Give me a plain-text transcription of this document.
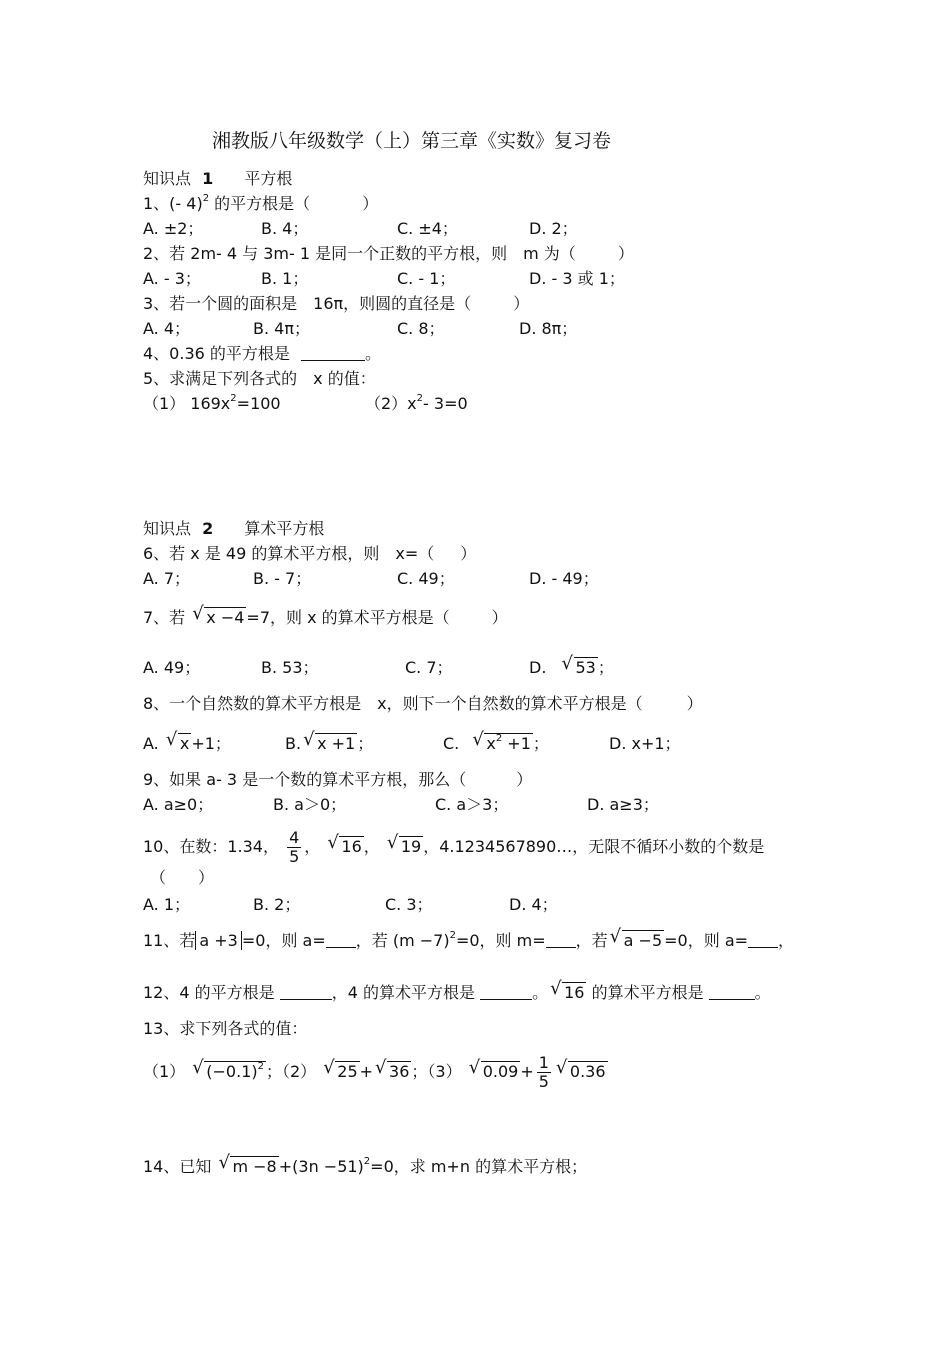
湘教版八年级数学（上）第三章《实数》复习卷
知识点 1 平方根
1、(- 4)$^2$ 的平方根是（	）
A. ±2；	B. 4；	C. ±4；	D. 2；
2、若 2m- 4 与 3m- 1 是同一个正数的平方根，则　m 为（	）
A. - 3；	B. 1；	C. - 1；	D. - 3 或 1；
3、若一个圆的面积是　16π，则圆的直径是（	）
A. 4；	B. 4π；	C. 8；	D. 8π；
4、0.36 的平方根是	。
5、求满足下列各式的　x 的值：
（1） $169x^2=100$	$(2)x^2-$ 3=0
知识点 2 算术平方根
6、若 x 是 49 的算术平方根，则　x=（ ）
A. 7；	B. - 7；	C. 49；	D. - 49；
7、若 √ x −4 =7，则 x 的算术平方根是（	）
A. 49；	B. 53；	C. 7；	D. √ 53 ；
8、一个自然数的算术平方根是　x，则下一个自然数的算术平方根是（	）
A. √ x +1；	B. √ x +1 ；	C. √ $x^2 +1$ ；	D. x+1；
9、如果 a- 3 是一个数的算术平方根，那么（	）
A. a≥0；	B. a＞0；	C. a＞3；	D. a≥3；
10、在数：1.34， $\frac{4}{5}$ ， √ 16 ， √ 19 ，4.1234567890…，无限不循环小数的个数是
（　　）
A. 1；	B. 2；	C. 3；	D. 4；
11、若 a +3 =0，则 a= ，若 $(m -7)^2=0$，则 m= ，若 √ a −5 =0，则 a= ，
12、4 的平方根是	，4 的算术平方根是	。 √ 16 的算术平方根是	。
13、求下列各式的值：
（1） √ $(-0.1)^2$ ；（2） √ 25 + √ 36 ；（3） √ $0.09 + \frac{1}{5}$ √ 0.36
14、已知 √ $m -8 +(3n -51)^2=0$，求 m+n 的算术平方根；
